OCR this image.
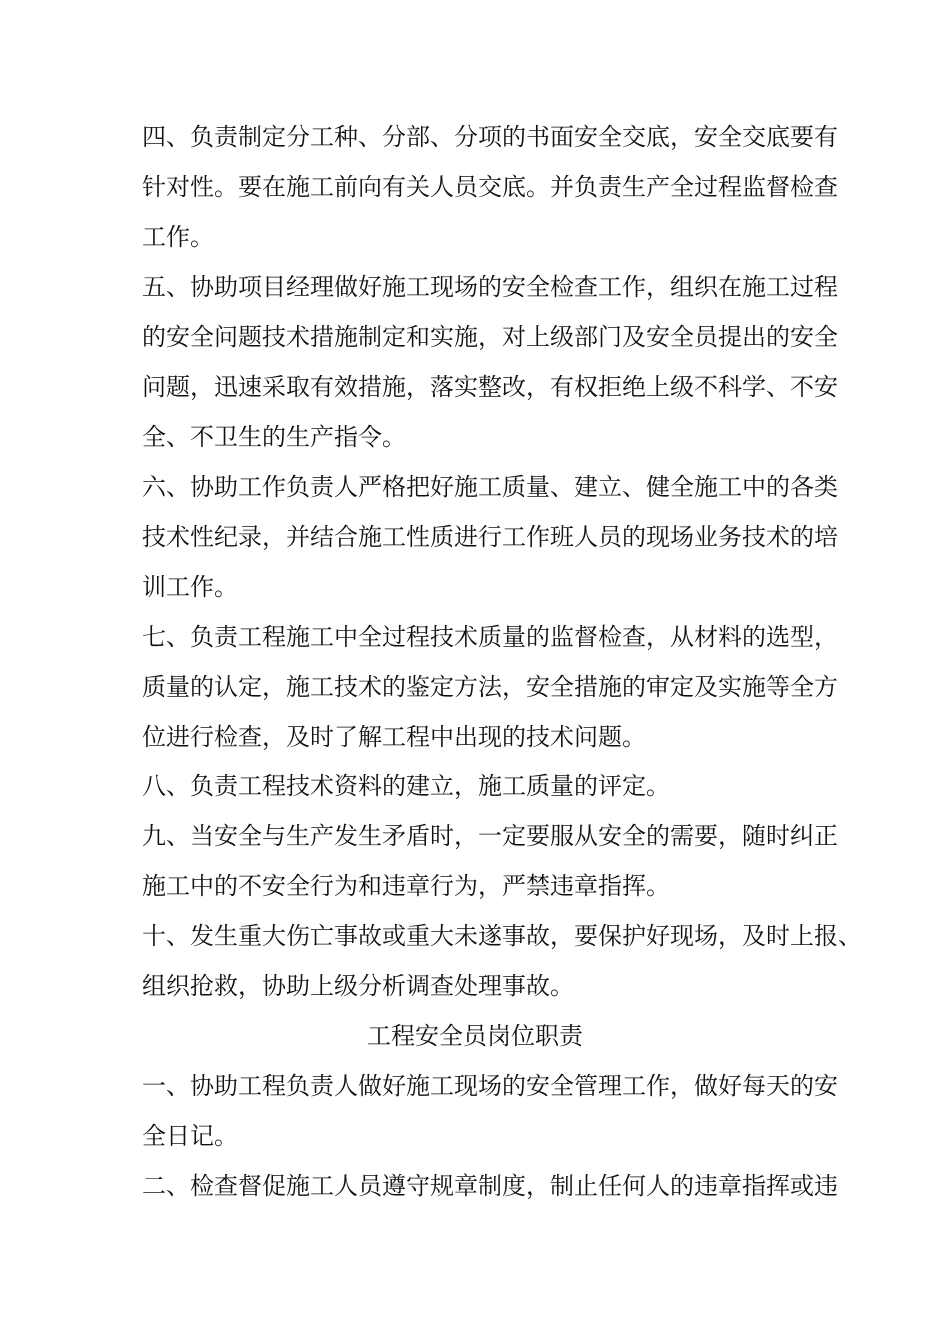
四、负责制定分工种、分部、分项的书面安全交底，安全交底要有
针对性。要在施工前向有关人员交底。并负责生产全过程监督检查
工作。
五、协助项目经理做好施工现场的安全检查工作，组织在施工过程
的安全问题技术措施制定和实施，对上级部门及安全员提出的安全
问题，迅速采取有效措施，落实整改，有权拒绝上级不科学、不安
全、不卫生的生产指令。
六、协助工作负责人严格把好施工质量、建立、健全施工中的各类
技术性纪录，并结合施工性质进行工作班人员的现场业务技术的培
训工作。
七、负责工程施工中全过程技术质量的监督检查，从材料的选型，
质量的认定，施工技术的鉴定方法，安全措施的审定及实施等全方
位进行检查，及时了解工程中出现的技术问题。
八、负责工程技术资料的建立，施工质量的评定。
九、当安全与生产发生矛盾时，一定要服从安全的需要，随时纠正
施工中的不安全行为和违章行为，严禁违章指挥。
十、发生重大伤亡事故或重大未遂事故，要保护好现场，及时上报、
组织抢救，协助上级分析调查处理事故。
工程安全员岗位职责
一、协助工程负责人做好施工现场的安全管理工作，做好每天的安
全日记。
二、检查督促施工人员遵守规章制度，制止任何人的违章指挥或违
